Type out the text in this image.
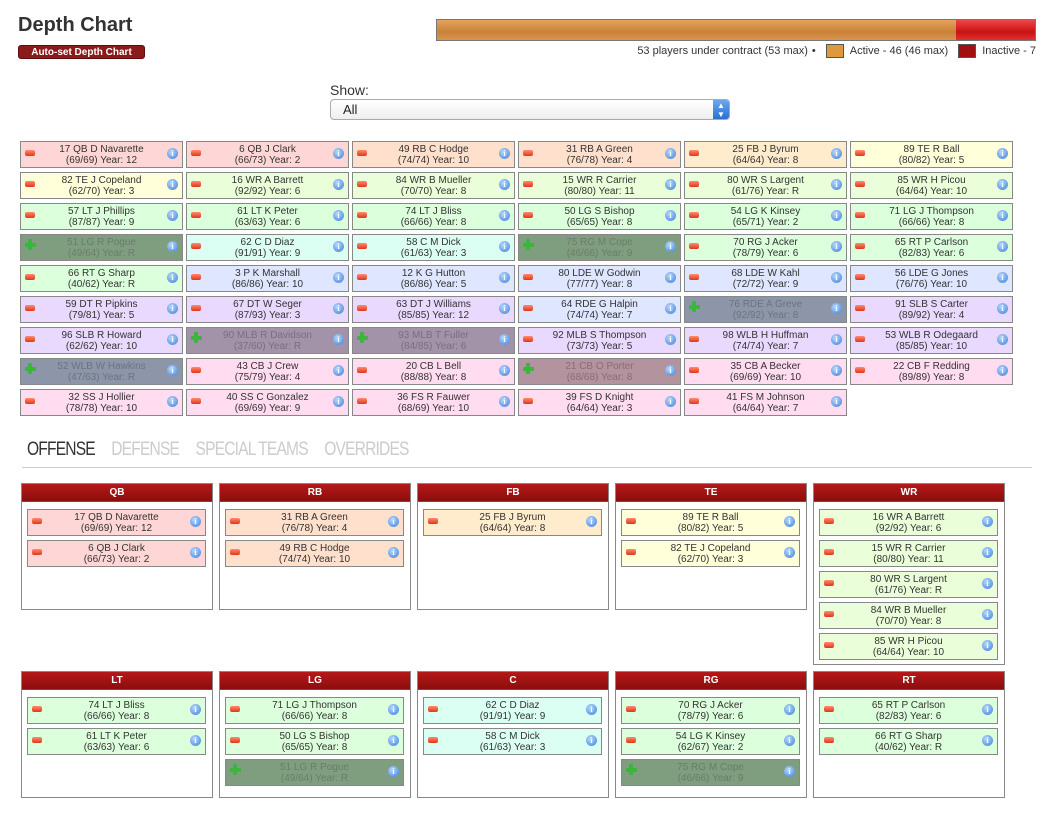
Depth Chart
Auto-set Depth Chart	53 players under contract (53 max) •	Active - 46 (46 max)	Inactive - 7
Show:
All	▲
▼
17 QB D Navarette
(69/69) Year: 12
i	6 QB J Clark
(66/73) Year: 2
i	49 RB C Hodge
(74/74) Year: 10
i	31 RB A Green
(76/78) Year: 4
i	25 FB J Byrum
(64/64) Year: 8
i	89 TE R Ball
(80/82) Year: 5
i
82 TE J Copeland
(62/70) Year: 3
i	16 WR A Barrett
(92/92) Year: 6
i	84 WR B Mueller
(70/70) Year: 8
i	15 WR R Carrier
(80/80) Year: 11
i	80 WR S Largent
(61/76) Year: R
i	85 WR H Picou
(64/64) Year: 10
i
57 LT J Phillips
(87/87) Year: 9
i	61 LT K Peter
(63/63) Year: 6
i	74 LT J Bliss
(66/66) Year: 8
i	50 LG S Bishop
(65/65) Year: 8
i	54 LG K Kinsey
(65/71) Year: 2
i	71 LG J Thompson
(66/66) Year: 8
i
51 LG R Pogue
(49/64) Year: R
i	62 C D Diaz
(91/91) Year: 9
i	58 C M Dick
(61/63) Year: 3
i	75 RG M Cope
(46/66) Year: 9
i	70 RG J Acker
(78/79) Year: 6
i	65 RT P Carlson
(82/83) Year: 6
i
66 RT G Sharp
(40/62) Year: R
i	3 P K Marshall
(86/86) Year: 10
i	12 K G Hutton
(86/86) Year: 5
i	80 LDE W Godwin
(77/77) Year: 8
i	68 LDE W Kahl
(72/72) Year: 9
i	56 LDE G Jones
(76/76) Year: 10
i
59 DT R Pipkins
(79/81) Year: 5
i	67 DT W Seger
(87/93) Year: 3
i	63 DT J Williams
(85/85) Year: 12
i	64 RDE G Halpin
(74/74) Year: 7
i	76 RDE A Greve
(92/92) Year: 8
i	91 SLB S Carter
(89/92) Year: 4
i
96 SLB R Howard
(62/62) Year: 10
i	90 MLB R Davidson
(37/60) Year: R
i	93 MLB T Fuller
(84/85) Year: 6
i	92 MLB S Thompson
(73/73) Year: 5
i	98 WLB H Huffman
(74/74) Year: 7
i	53 WLB R Odegaard
(85/85) Year: 10
i
52 WLB W Hawkins
(47/63) Year: R
i	43 CB J Crew
(75/79) Year: 4
i	20 CB L Bell
(88/88) Year: 8
i	21 CB O Porter
(68/68) Year: 8
i	35 CB A Becker
(69/69) Year: 10
i	22 CB F Redding
(89/89) Year: 8
i
32 SS J Hollier
(78/78) Year: 10
i	40 SS C Gonzalez
(69/69) Year: 9
i	36 FS R Fauwer
(68/69) Year: 10
i	39 FS D Knight
(64/64) Year: 3
i	41 FS M Johnson
(64/64) Year: 7
i
OFFENSE DEFENSE SPECIAL TEAMS OVERRIDES
QB
17 QB D Navarette
(69/69) Year: 12
i
6 QB J Clark
(66/73) Year: 2
i
RB
31 RB A Green
(76/78) Year: 4
i
49 RB C Hodge
(74/74) Year: 10
i
FB
25 FB J Byrum
(64/64) Year: 8
i
TE
89 TE R Ball
(80/82) Year: 5
i
82 TE J Copeland
(62/70) Year: 3
i
WR
16 WR A Barrett
(92/92) Year: 6
i
15 WR R Carrier
(80/80) Year: 11
i
80 WR S Largent
(61/76) Year: R
i
84 WR B Mueller
(70/70) Year: 8
i
85 WR H Picou
(64/64) Year: 10
i
LT
74 LT J Bliss
(66/66) Year: 8
i
61 LT K Peter
(63/63) Year: 6
i
LG
71 LG J Thompson
(66/66) Year: 8
i
50 LG S Bishop
(65/65) Year: 8
i
51 LG R Pogue
(49/64) Year: R
i
C
62 C D Diaz
(91/91) Year: 9
i
58 C M Dick
(61/63) Year: 3
i
RG
70 RG J Acker
(78/79) Year: 6
i
54 LG K Kinsey
(62/67) Year: 2
i
75 RG M Cope
(46/66) Year: 9
i
RT
65 RT P Carlson
(82/83) Year: 6
i
66 RT G Sharp
(40/62) Year: R
i
